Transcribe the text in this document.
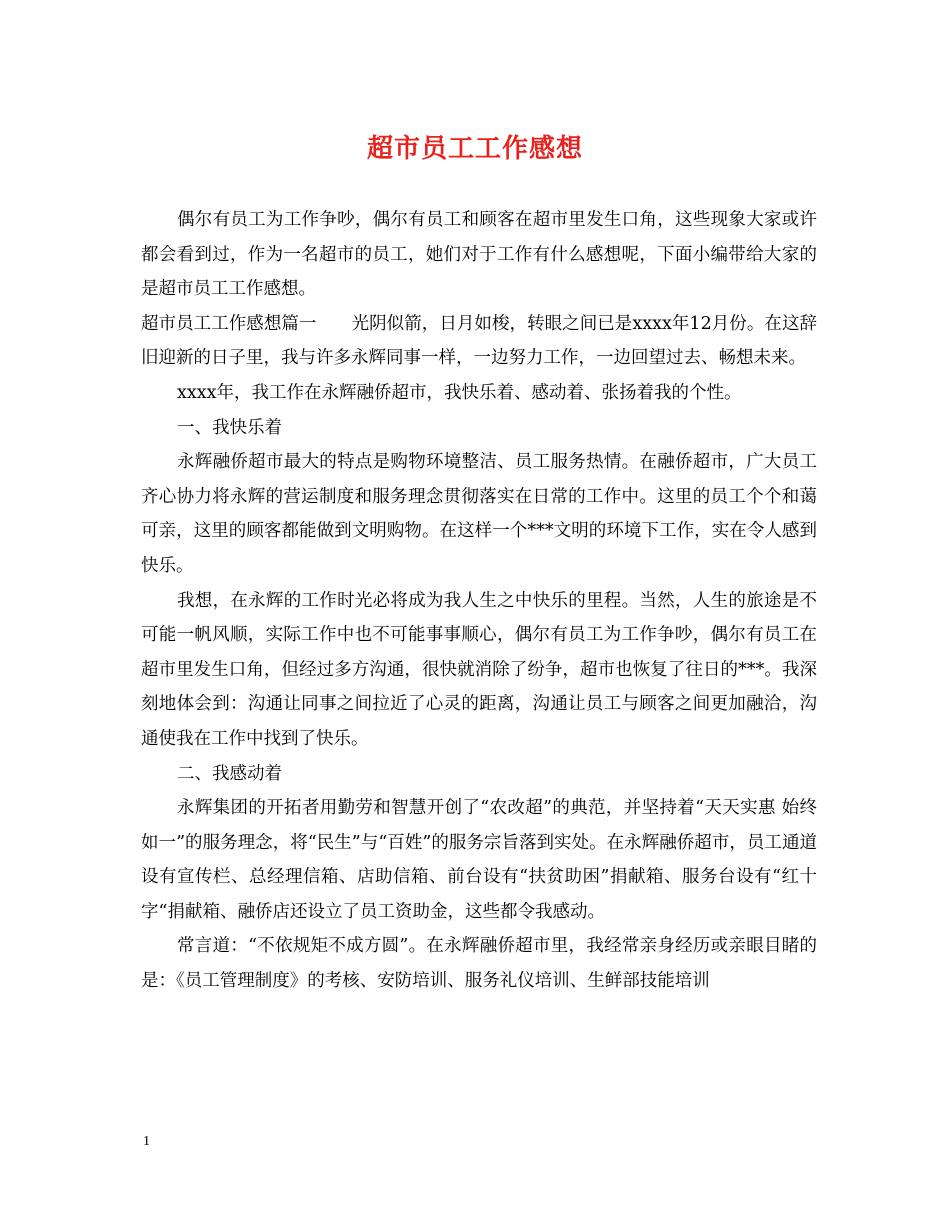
超市员工工作感想

偶尔有员工为工作争吵，偶尔有员工和顾客在超市里发生口角，这些现象大家或许都会看到过，作为一名超市的员工，她们对于工作有什么感想呢，下面小编带给大家的是超市员工工作感想。

超市员工工作感想篇一　　光阴似箭，日月如梭，转眼之间已是xxxx年12月份。在这辞旧迎新的日子里，我与许多永辉同事一样，一边努力工作，一边回望过去、畅想未来。

xxxx年，我工作在永辉融侨超市，我快乐着、感动着、张扬着我的个性。

一、我快乐着

永辉融侨超市最大的特点是购物环境整洁、员工服务热情。在融侨超市，广大员工齐心协力将永辉的营运制度和服务理念贯彻落实在日常的工作中。这里的员工个个和蔼可亲，这里的顾客都能做到文明购物。在这样一个***文明的环境下工作，实在令人感到快乐。

我想，在永辉的工作时光必将成为我人生之中快乐的里程。当然，人生的旅途是不可能一帆风顺，实际工作中也不可能事事顺心，偶尔有员工为工作争吵，偶尔有员工在超市里发生口角，但经过多方沟通，很快就消除了纷争，超市也恢复了往日的***。我深刻地体会到：沟通让同事之间拉近了心灵的距离，沟通让员工与顾客之间更加融洽，沟通使我在工作中找到了快乐。

二、我感动着

永辉集团的开拓者用勤劳和智慧开创了“农改超”的典范，并坚持着“天天实惠 始终如一”的服务理念，将“民生”与“百姓”的服务宗旨落到实处。在永辉融侨超市，员工通道设有宣传栏、总经理信箱、店助信箱、前台设有“扶贫助困”捐献箱、服务台设有“红十字“捐献箱、融侨店还设立了员工资助金，这些都令我感动。

常言道：“不依规矩不成方圆”。在永辉融侨超市里，我经常亲身经历或亲眼目睹的是：《员工管理制度》的考核、安防培训、服务礼仪培训、生鲜部技能培训

1
